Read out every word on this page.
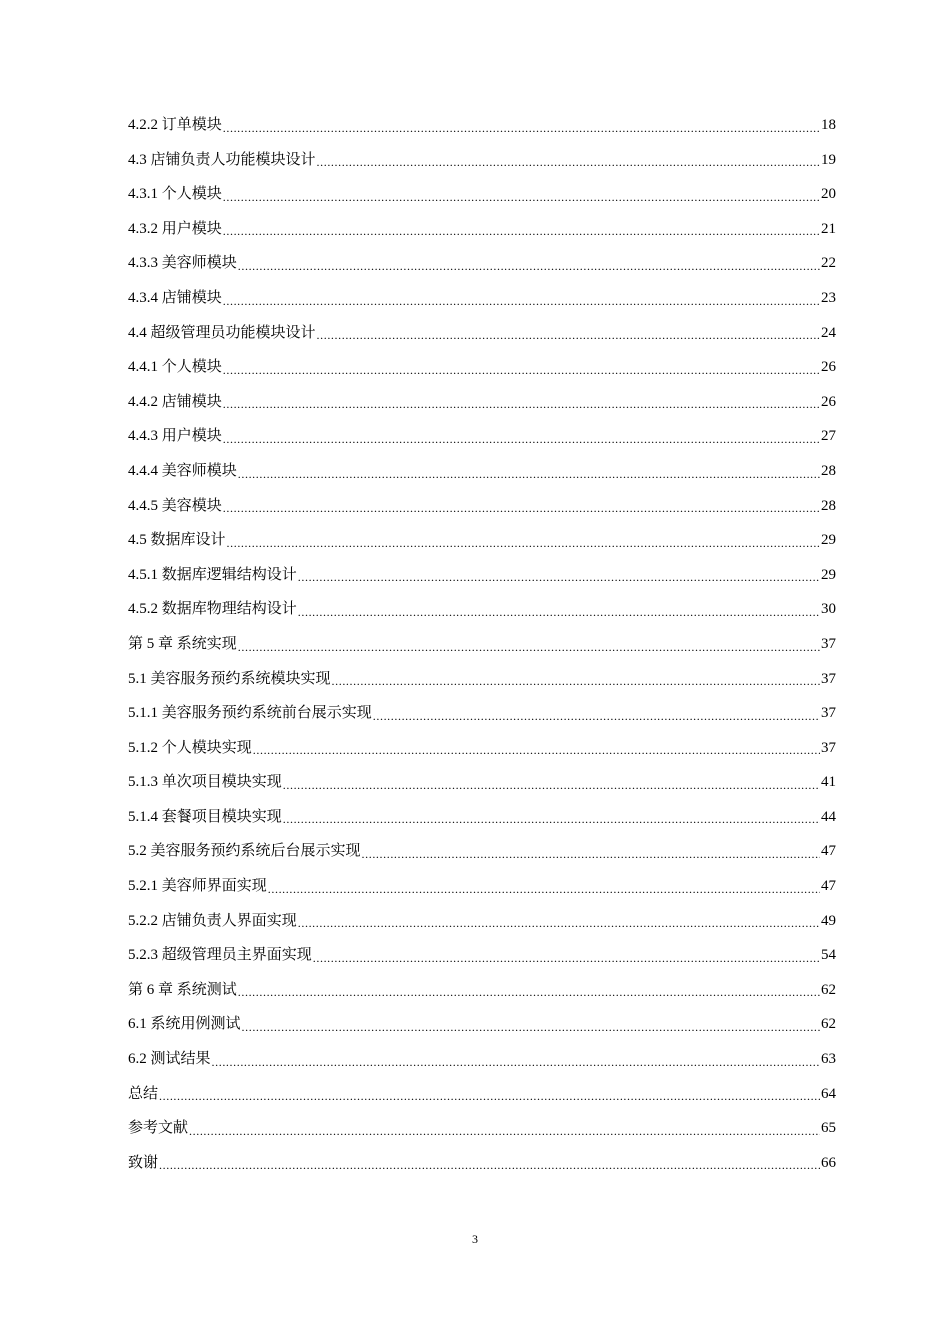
4.2.2 订单模块 .....	18
4.3 店铺负责人功能模块设计 .....	19
4.3.1 个人模块 .....	20
4.3.2 用户模块 .....	21
4.3.3 美容师模块 .....	22
4.3.4 店铺模块 .....	23
4.4 超级管理员功能模块设计 .....	24
4.4.1 个人模块 .....	26
4.4.2 店铺模块 .....	26
4.4.3 用户模块 .....	27
4.4.4 美容师模块 .....	28
4.4.5 美容模块 .....	28
4.5 数据库设计 .....	29
4.5.1 数据库逻辑结构设计 .....	29
4.5.2 数据库物理结构设计 .....	30
第 5 章 系统实现 .....	37
5.1 美容服务预约系统模块实现 .....	37
5.1.1 美容服务预约系统前台展示实现 .....	37
5.1.2 个人模块实现 .....	37
5.1.3 单次项目模块实现 .....	41
5.1.4 套餐项目模块实现 .....	44
5.2 美容服务预约系统后台展示实现 .....	47
5.2.1 美容师界面实现 .....	47
5.2.2 店铺负责人界面实现 .....	49
5.2.3 超级管理员主界面实现 .....	54
第 6 章 系统测试 .....	62
6.1 系统用例测试 .....	62
6.2 测试结果 .....	63
总结 .....	64
参考文献 .....	65
致谢 .....	66
3
